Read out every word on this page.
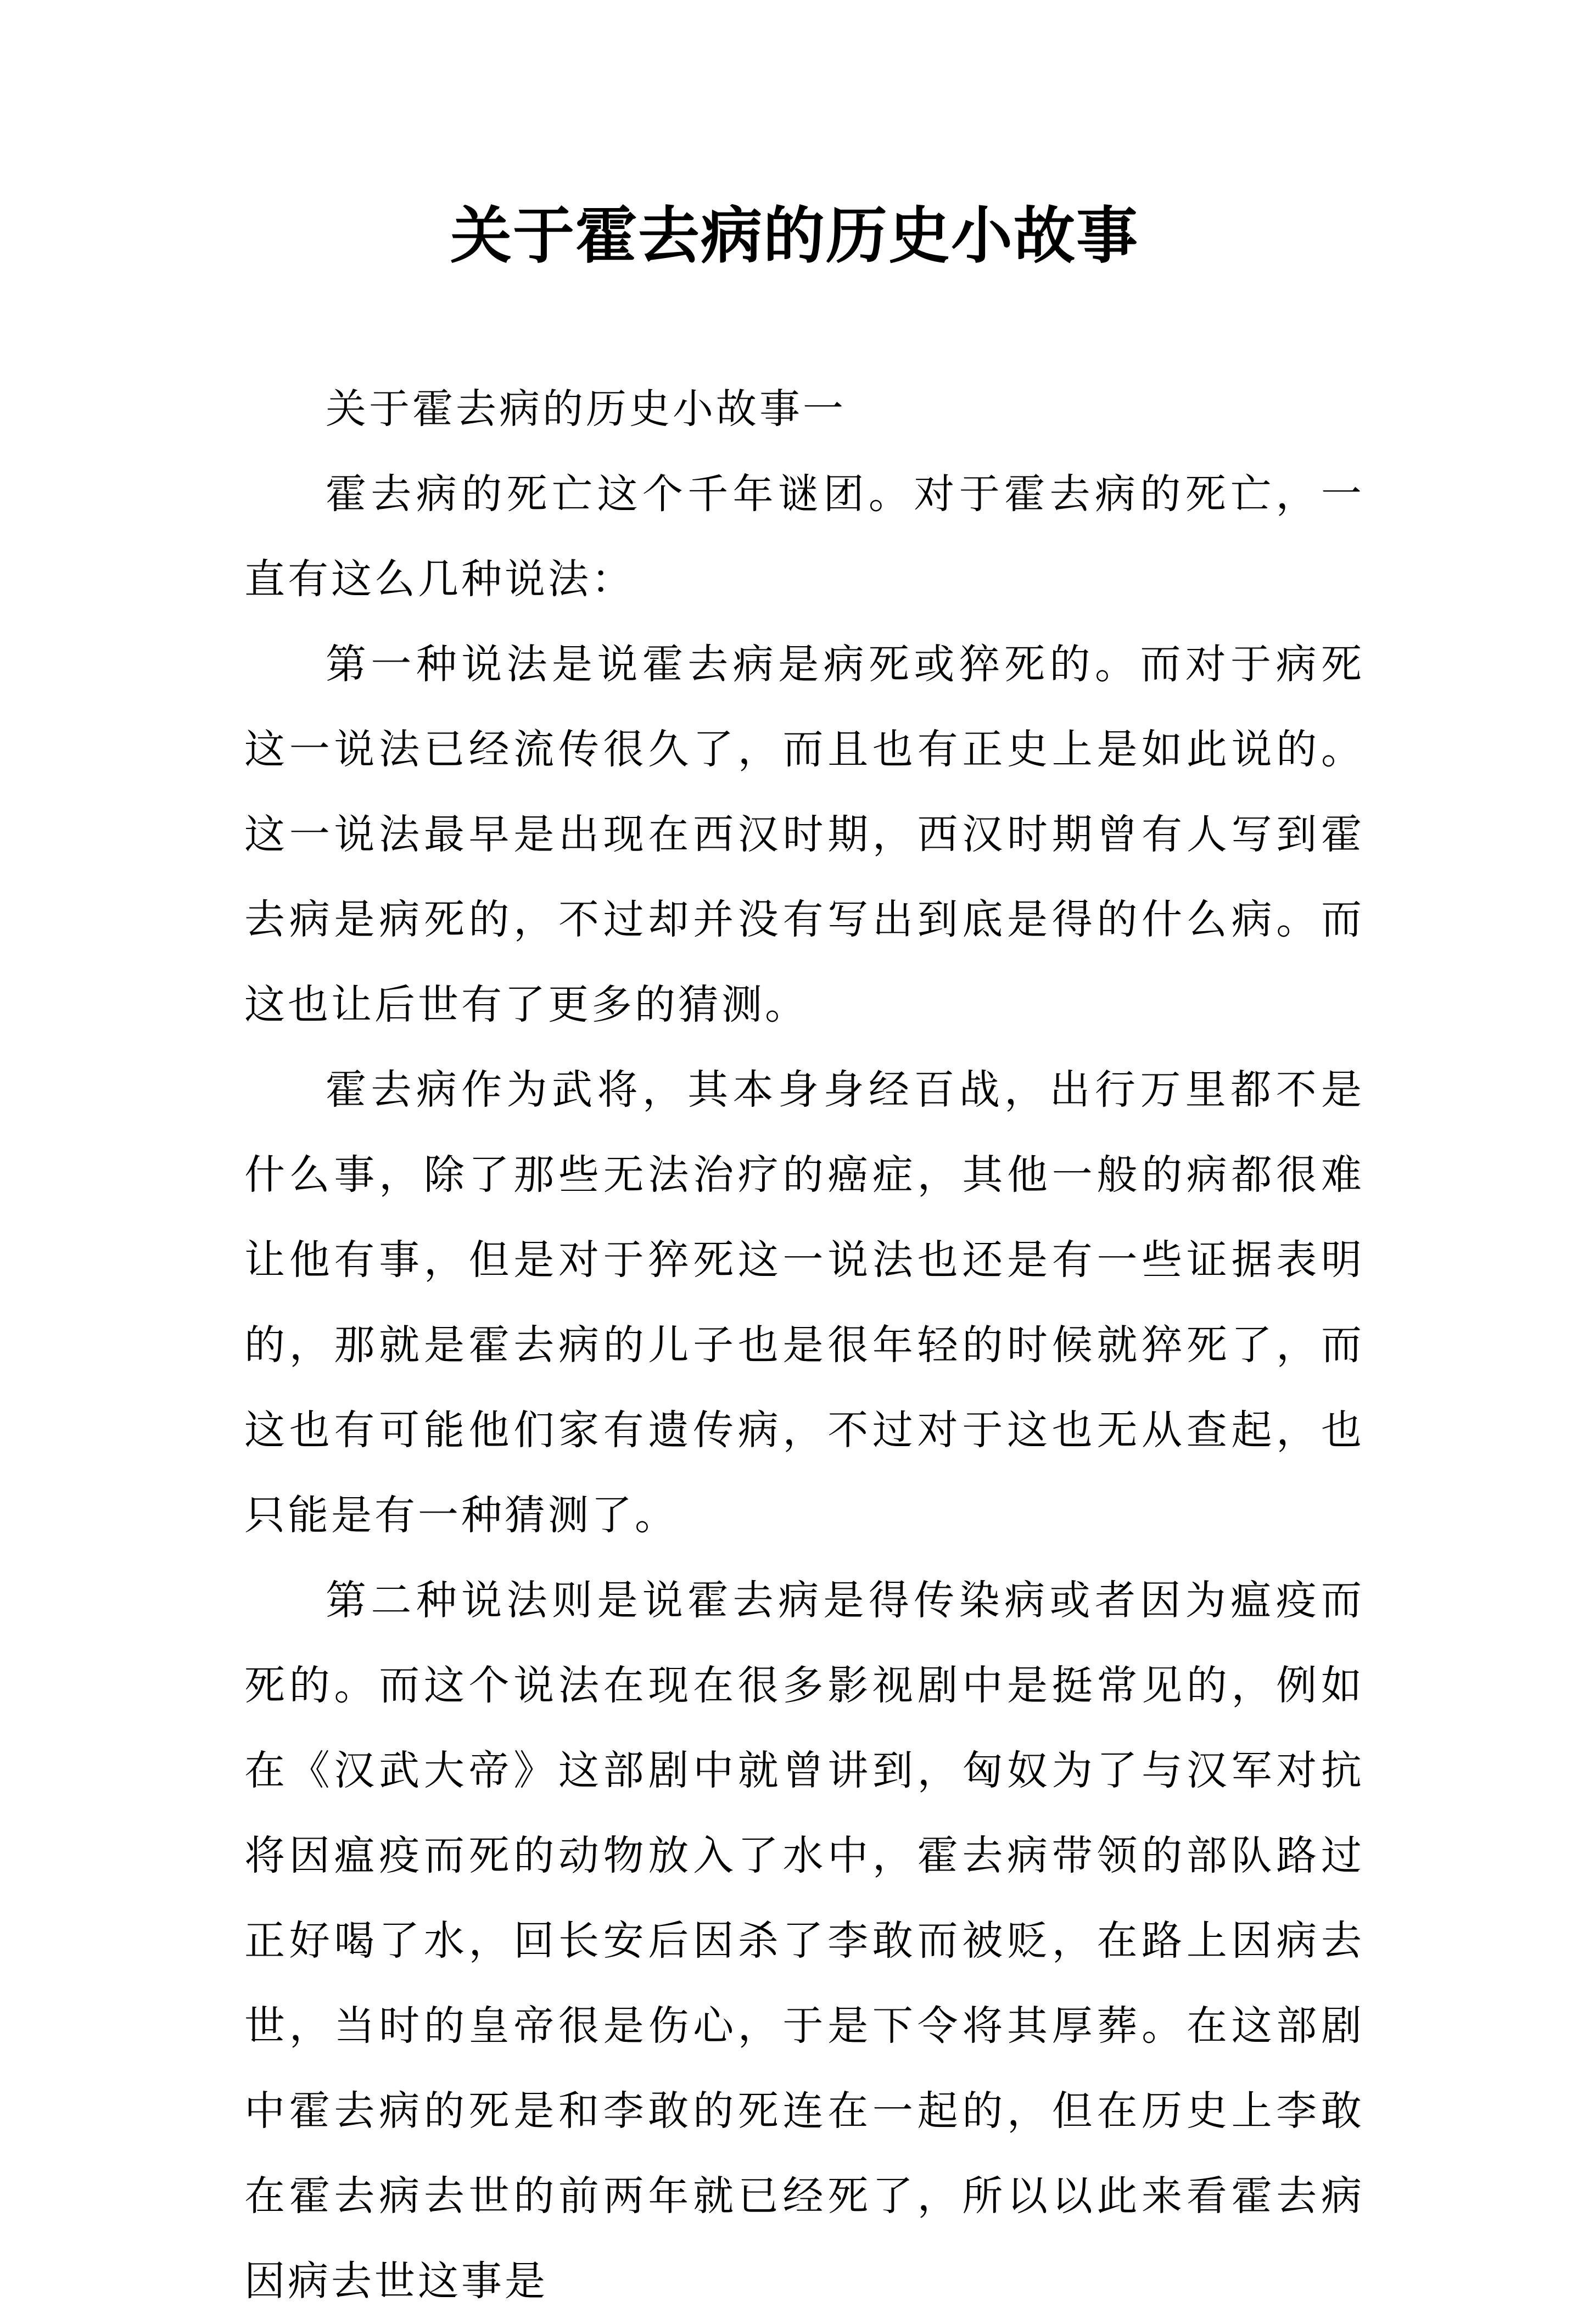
关于霍去病的历史小故事

关于霍去病的历史小故事一

霍去病的死亡这个千年谜团。对于霍去病的死亡，一直有这么几种说法：

第一种说法是说霍去病是病死或猝死的。而对于病死这一说法已经流传很久了，而且也有正史上是如此说的。这一说法最早是出现在西汉时期，西汉时期曾有人写到霍去病是病死的，不过却并没有写出到底是得的什么病。而这也让后世有了更多的猜测。

霍去病作为武将，其本身身经百战，出行万里都不是什么事，除了那些无法治疗的癌症，其他一般的病都很难让他有事，但是对于猝死这一说法也还是有一些证据表明的，那就是霍去病的儿子也是很年轻的时候就猝死了，而这也有可能他们家有遗传病，不过对于这也无从查起，也只能是有一种猜测了。

第二种说法则是说霍去病是得传染病或者因为瘟疫而死的。而这个说法在现在很多影视剧中是挺常见的，例如在《汉武大帝》这部剧中就曾讲到，匈奴为了与汉军对抗将因瘟疫而死的动物放入了水中，霍去病带领的部队路过正好喝了水，回长安后因杀了李敢而被贬，在路上因病去世，当时的皇帝很是伤心，于是下令将其厚葬。在这部剧中霍去病的死是和李敢的死连在一起的，但在历史上李敢在霍去病去世的前两年就已经死了，所以以此来看霍去病因病去世这事是
